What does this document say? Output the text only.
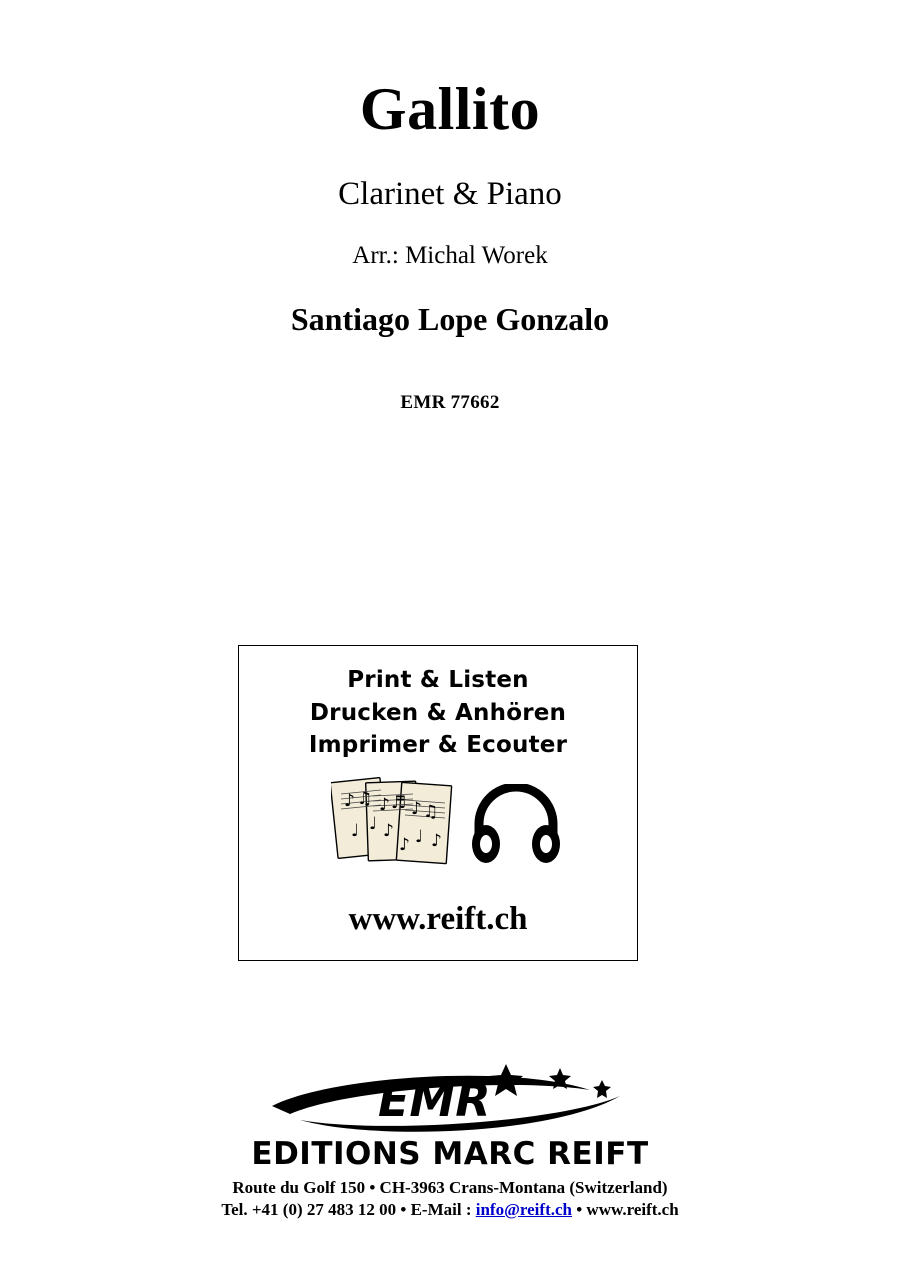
Gallito
Clarinet & Piano
Arr.: Michal Worek
Santiago Lope Gonzalo
EMR 77662
Print & Listen
Drucken & Anhören
Imprimer & Ecouter
♪ ♫
♩
♪ ♬
♪
♪ ♫
♩
♩	♪
♪
www.reift.ch
EMR
EDITIONS MARC REIFT
Route du Golf 150 • CH-3963 Crans-Montana (Switzerland)
Tel. +41 (0) 27 483 12 00 • E-Mail : info@reift.ch • www.reift.ch
